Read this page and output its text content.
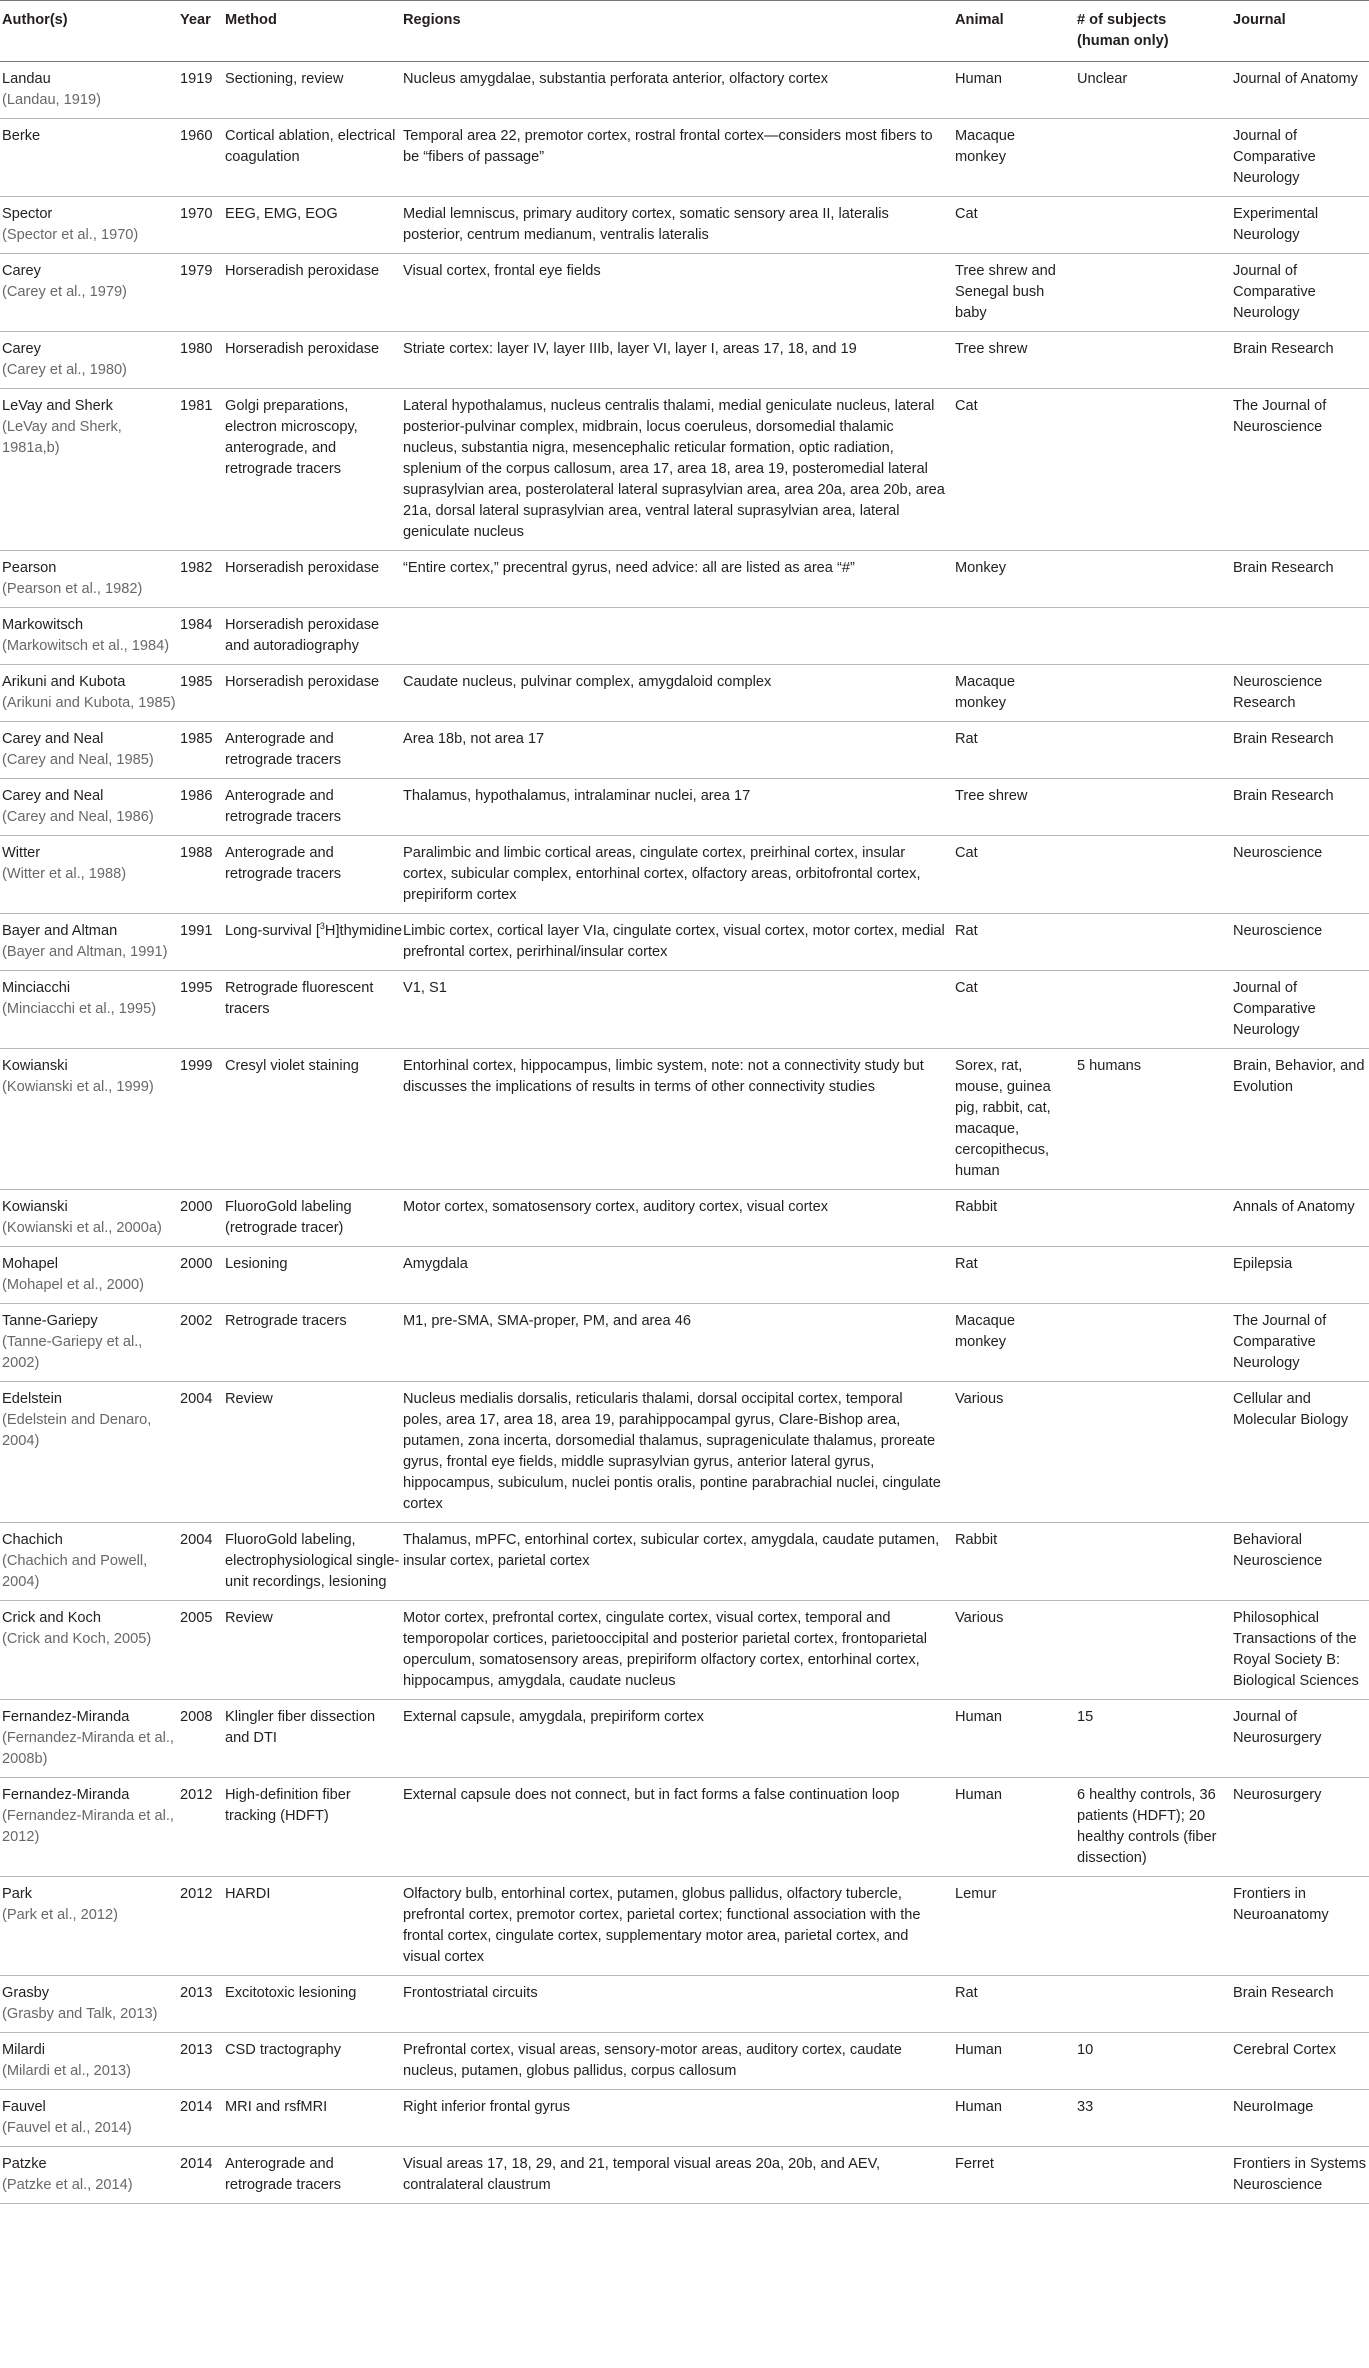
Author(s)	Year	Method	Regions	Animal	# of subjects (human only)	Journal
Landau
(Landau, 1919)	1919	Sectioning, review	Nucleus amygdalae, substantia perforata anterior, olfactory cortex	Human	Unclear	Journal of Anatomy
Berke	1960	Cortical ablation, electrical coagulation	Temporal area 22, premotor cortex, rostral frontal cortex—considers most fibers to be “fibers of passage”	Macaque monkey		Journal of Comparative Neurology
Spector
(Spector et al., 1970)	1970	EEG, EMG, EOG	Medial lemniscus, primary auditory cortex, somatic sensory area II, lateralis posterior, centrum medianum, ventralis lateralis	Cat		Experimental Neurology
Carey
(Carey et al., 1979)	1979	Horseradish peroxidase	Visual cortex, frontal eye fields	Tree shrew and Senegal bush baby		Journal of Comparative Neurology
Carey
(Carey et al., 1980)	1980	Horseradish peroxidase	Striate cortex: layer IV, layer IIIb, layer VI, layer I, areas 17, 18, and 19	Tree shrew		Brain Research
LeVay and Sherk
(LeVay and Sherk, 1981a,b)	1981	Golgi preparations, electron microscopy, anterograde, and retrograde tracers	Lateral hypothalamus, nucleus centralis thalami, medial geniculate nucleus, lateral posterior-pulvinar complex, midbrain, locus coeruleus, dorsomedial thalamic nucleus, substantia nigra, mesencephalic reticular formation, optic radiation, splenium of the corpus callosum, area 17, area 18, area 19, posteromedial lateral suprasylvian area, posterolateral lateral suprasylvian area, area 20a, area 20b, area 21a, dorsal lateral suprasylvian area, ventral lateral suprasylvian area, lateral geniculate nucleus	Cat		The Journal of Neuroscience
Pearson
(Pearson et al., 1982)	1982	Horseradish peroxidase	“Entire cortex,” precentral gyrus, need advice: all are listed as area “#”	Monkey		Brain Research
Markowitsch
(Markowitsch et al., 1984)	1984	Horseradish peroxidase and autoradiography				
Arikuni and Kubota
(Arikuni and Kubota, 1985)	1985	Horseradish peroxidase	Caudate nucleus, pulvinar complex, amygdaloid complex	Macaque monkey		Neuroscience Research
Carey and Neal
(Carey and Neal, 1985)	1985	Anterograde and retrograde tracers	Area 18b, not area 17	Rat		Brain Research
Carey and Neal
(Carey and Neal, 1986)	1986	Anterograde and retrograde tracers	Thalamus, hypothalamus, intralaminar nuclei, area 17	Tree shrew		Brain Research
Witter
(Witter et al., 1988)	1988	Anterograde and retrograde tracers	Paralimbic and limbic cortical areas, cingulate cortex, preirhinal cortex, insular cortex, subicular complex, entorhinal cortex, olfactory areas, orbitofrontal cortex, prepiriform cortex	Cat		Neuroscience
Bayer and Altman
(Bayer and Altman, 1991)	1991	Long-survival [$^3$H]thymidine	Limbic cortex, cortical layer VIa, cingulate cortex, visual cortex, motor cortex, medial prefrontal cortex, perirhinal/insular cortex	Rat		Neuroscience
Minciacchi
(Minciacchi et al., 1995)	1995	Retrograde fluorescent tracers	V1, S1	Cat		Journal of Comparative Neurology
Kowianski
(Kowianski et al., 1999)	1999	Cresyl violet staining	Entorhinal cortex, hippocampus, limbic system, note: not a connectivity study but discusses the implications of results in terms of other connectivity studies	Sorex, rat, mouse, guinea pig, rabbit, cat, macaque, cercopithecus, human	5 humans	Brain, Behavior, and Evolution
Kowianski
(Kowianski et al., 2000a)	2000	FluoroGold labeling (retrograde tracer)	Motor cortex, somatosensory cortex, auditory cortex, visual cortex	Rabbit		Annals of Anatomy
Mohapel
(Mohapel et al., 2000)	2000	Lesioning	Amygdala	Rat		Epilepsia
Tanne-Gariepy
(Tanne-Gariepy et al., 2002)	2002	Retrograde tracers	M1, pre-SMA, SMA-proper, PM, and area 46	Macaque monkey		The Journal of Comparative Neurology
Edelstein
(Edelstein and Denaro, 2004)	2004	Review	Nucleus medialis dorsalis, reticularis thalami, dorsal occipital cortex, temporal poles, area 17, area 18, area 19, parahippocampal gyrus, Clare-Bishop area, putamen, zona incerta, dorsomedial thalamus, suprageniculate thalamus, proreate gyrus, frontal eye fields, middle suprasylvian gyrus, anterior lateral gyrus, hippocampus, subiculum, nuclei pontis oralis, pontine parabrachial nuclei, cingulate cortex	Various		Cellular and Molecular Biology
Chachich
(Chachich and Powell, 2004)	2004	FluoroGold labeling, electrophysiological single-unit recordings, lesioning	Thalamus, mPFC, entorhinal cortex, subicular cortex, amygdala, caudate putamen, insular cortex, parietal cortex	Rabbit		Behavioral Neuroscience
Crick and Koch
(Crick and Koch, 2005)	2005	Review	Motor cortex, prefrontal cortex, cingulate cortex, visual cortex, temporal and temporopolar cortices, parietooccipital and posterior parietal cortex, frontoparietal operculum, somatosensory areas, prepiriform olfactory cortex, entorhinal cortex, hippocampus, amygdala, caudate nucleus	Various		Philosophical Transactions of the Royal Society B: Biological Sciences
Fernandez-Miranda
(Fernandez-Miranda et al., 2008b)	2008	Klingler fiber dissection and DTI	External capsule, amygdala, prepiriform cortex	Human	15	Journal of Neurosurgery
Fernandez-Miranda
(Fernandez-Miranda et al., 2012)	2012	High-definition fiber tracking (HDFT)	External capsule does not connect, but in fact forms a false continuation loop	Human	6 healthy controls, 36 patients (HDFT); 20 healthy controls (fiber dissection)	Neurosurgery
Park
(Park et al., 2012)	2012	HARDI	Olfactory bulb, entorhinal cortex, putamen, globus pallidus, olfactory tubercle, prefrontal cortex, premotor cortex, parietal cortex; functional association with the frontal cortex, cingulate cortex, supplementary motor area, parietal cortex, and visual cortex	Lemur		Frontiers in Neuroanatomy
Grasby
(Grasby and Talk, 2013)	2013	Excitotoxic lesioning	Frontostriatal circuits	Rat		Brain Research
Milardi
(Milardi et al., 2013)	2013	CSD tractography	Prefrontal cortex, visual areas, sensory-motor areas, auditory cortex, caudate nucleus, putamen, globus pallidus, corpus callosum	Human	10	Cerebral Cortex
Fauvel
(Fauvel et al., 2014)	2014	MRI and rsfMRI	Right inferior frontal gyrus	Human	33	NeuroImage
Patzke
(Patzke et al., 2014)	2014	Anterograde and retrograde tracers	Visual areas 17, 18, 29, and 21, temporal visual areas 20a, 20b, and AEV, contralateral claustrum	Ferret		Frontiers in Systems Neuroscience
